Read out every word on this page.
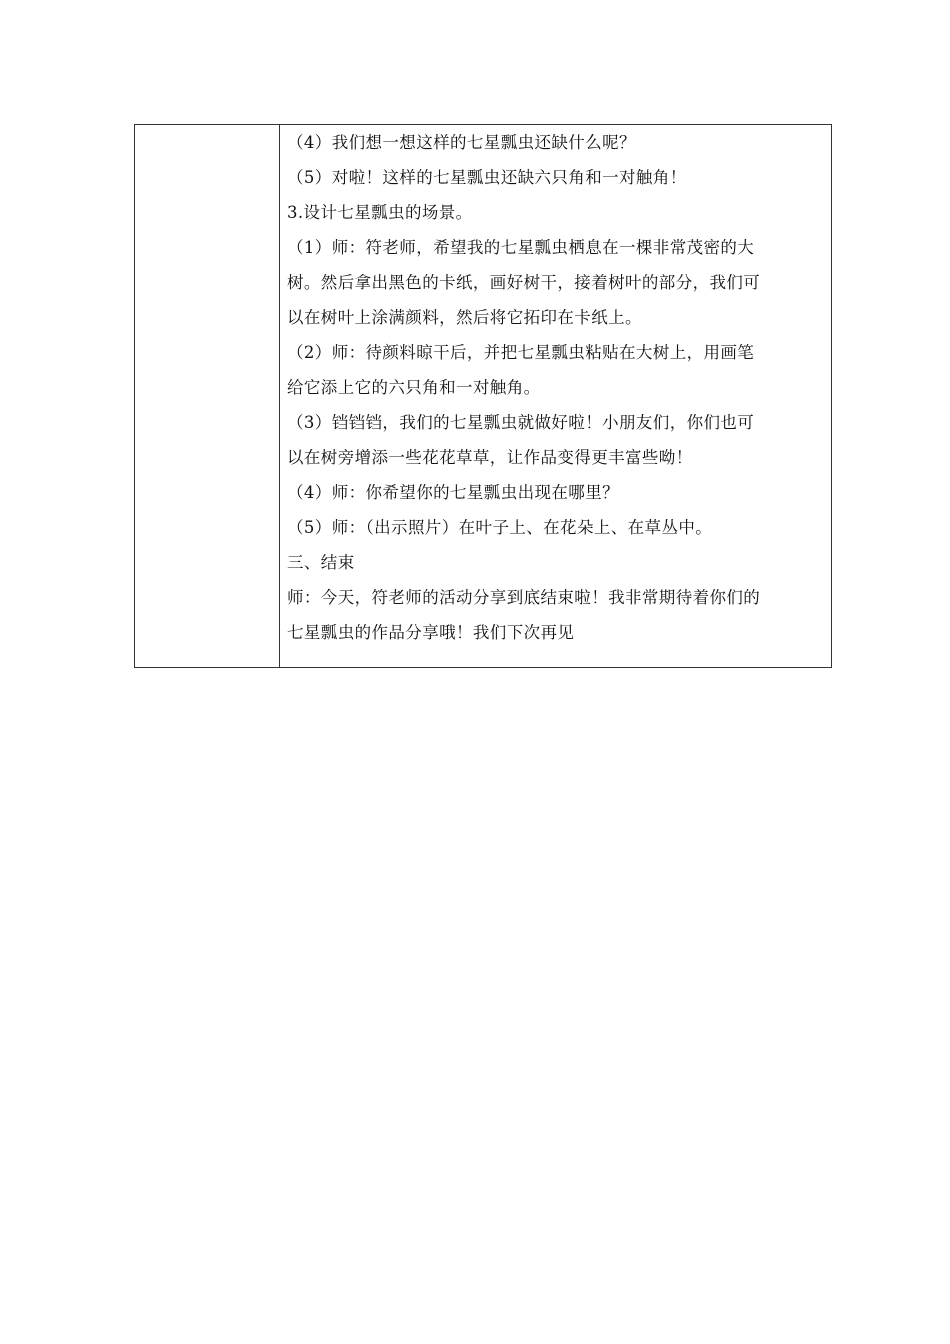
（4）我们想一想这样的七星瓢虫还缺什么呢？
（5）对啦！这样的七星瓢虫还缺六只角和一对触角！
3.设计七星瓢虫的场景。
（1）师：符老师，希望我的七星瓢虫栖息在一棵非常茂密的大
树。然后拿出黑色的卡纸，画好树干，接着树叶的部分，我们可
以在树叶上涂满颜料，然后将它拓印在卡纸上。
（2）师：待颜料晾干后，并把七星瓢虫粘贴在大树上，用画笔
给它添上它的六只角和一对触角。
（3）铛铛铛，我们的七星瓢虫就做好啦！小朋友们，你们也可
以在树旁增添一些花花草草，让作品变得更丰富些呦！
（4）师：你希望你的七星瓢虫出现在哪里？
（5）师：（出示照片）在叶子上、在花朵上、在草丛中。
三、结束
师：今天，符老师的活动分享到底结束啦！我非常期待着你们的
七星瓢虫的作品分享哦！我们下次再见
